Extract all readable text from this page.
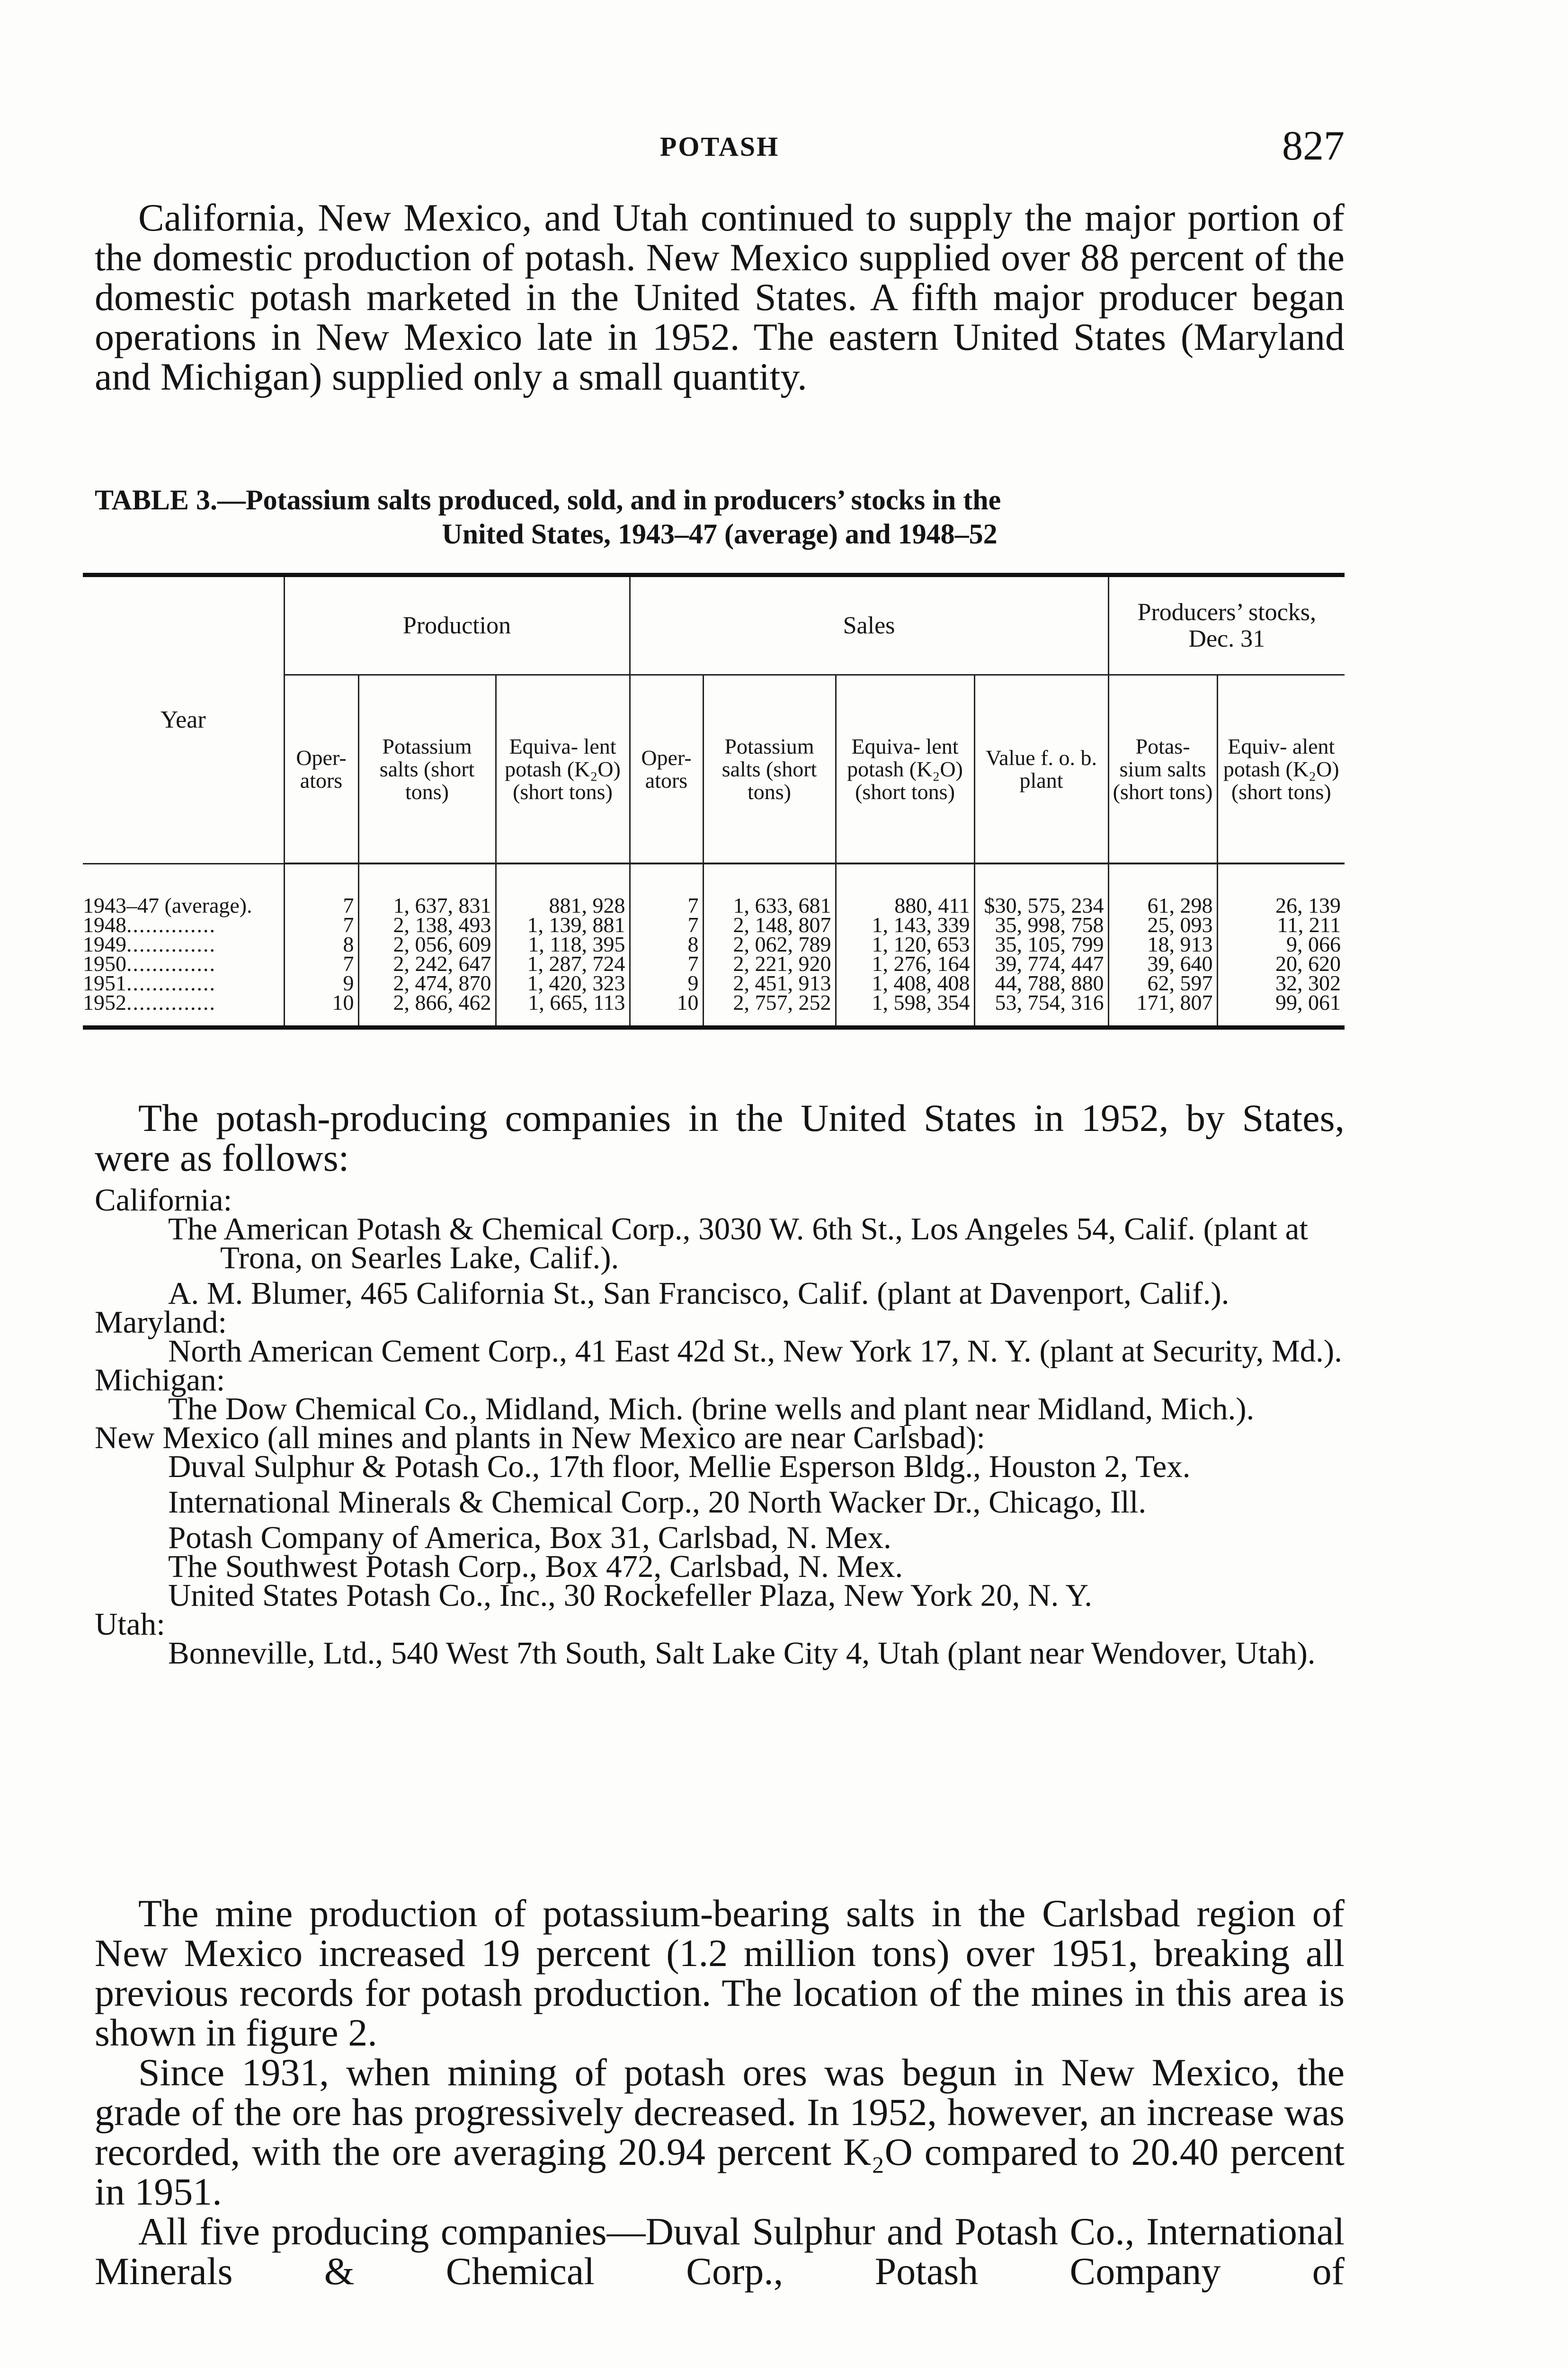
POTASH	827

California, New Mexico, and Utah continued to supply the major portion of the domestic production of potash. New Mexico supplied over 88 percent of the domestic potash marketed in the United States. A fifth major producer began operations in New Mexico late in 1952. The eastern United States (Maryland and Michigan) supplied only a small quantity.

TABLE 3.—Potassium salts produced, sold, and in producers’ stocks in the
United States, 1943–47 (average) and 1948–52
Year	Production			Sales				Producers’ stocks, Dec. 31	
	Oper- ators	Potassium salts (short tons)	Equiva- lent potash (K₂O) (short tons)	Oper- ators	Potassium salts (short tons)	Equiva- lent potash (K₂O) (short tons)	Value f. o. b. plant	Potas- sium salts (short tons)	Equiv- alent potash (K₂O) (short tons)
1943–47 (average).	7	1, 637, 831	881, 928	7	1, 633, 681	880, 411	$30, 575, 234	61, 298	26, 139
1948..............	7	2, 138, 493	1, 139, 881	7	2, 148, 807	1, 143, 339	35, 998, 758	25, 093	11, 211
1949..............	8	2, 056, 609	1, 118, 395	8	2, 062, 789	1, 120, 653	35, 105, 799	18, 913	9, 066
1950..............	7	2, 242, 647	1, 287, 724	7	2, 221, 920	1, 276, 164	39, 774, 447	39, 640	20, 620
1951..............	9	2, 474, 870	1, 420, 323	9	2, 451, 913	1, 408, 408	44, 788, 880	62, 597	32, 302
1952..............	10	2, 866, 462	1, 665, 113	10	2, 757, 252	1, 598, 354	53, 754, 316	171, 807	99, 061

The potash-producing companies in the United States in 1952, by States, were as follows:

California:
The American Potash & Chemical Corp., 3030 W. 6th St., Los Angeles 54, Calif. (plant at Trona, on Searles Lake, Calif.).
A. M. Blumer, 465 California St., San Francisco, Calif. (plant at Davenport, Calif.).
Maryland:
North American Cement Corp., 41 East 42d St., New York 17, N. Y. (plant at Security, Md.).
Michigan:
The Dow Chemical Co., Midland, Mich. (brine wells and plant near Midland, Mich.).
New Mexico (all mines and plants in New Mexico are near Carlsbad):
Duval Sulphur & Potash Co., 17th floor, Mellie Esperson Bldg., Houston 2, Tex.
International Minerals & Chemical Corp., 20 North Wacker Dr., Chicago, Ill.
Potash Company of America, Box 31, Carlsbad, N. Mex.
The Southwest Potash Corp., Box 472, Carlsbad, N. Mex.
United States Potash Co., Inc., 30 Rockefeller Plaza, New York 20, N. Y.
Utah:
Bonneville, Ltd., 540 West 7th South, Salt Lake City 4, Utah (plant near Wendover, Utah).

The mine production of potassium-bearing salts in the Carlsbad region of New Mexico increased 19 percent (1.2 million tons) over 1951, breaking all previous records for potash production. The location of the mines in this area is shown in figure 2.

Since 1931, when mining of potash ores was begun in New Mexico, the grade of the ore has progressively decreased. In 1952, however, an increase was recorded, with the ore averaging 20.94 percent K₂O compared to 20.40 percent in 1951.

All five producing companies—Duval Sulphur and Potash Co., International Minerals & Chemical Corp., Potash Company of
